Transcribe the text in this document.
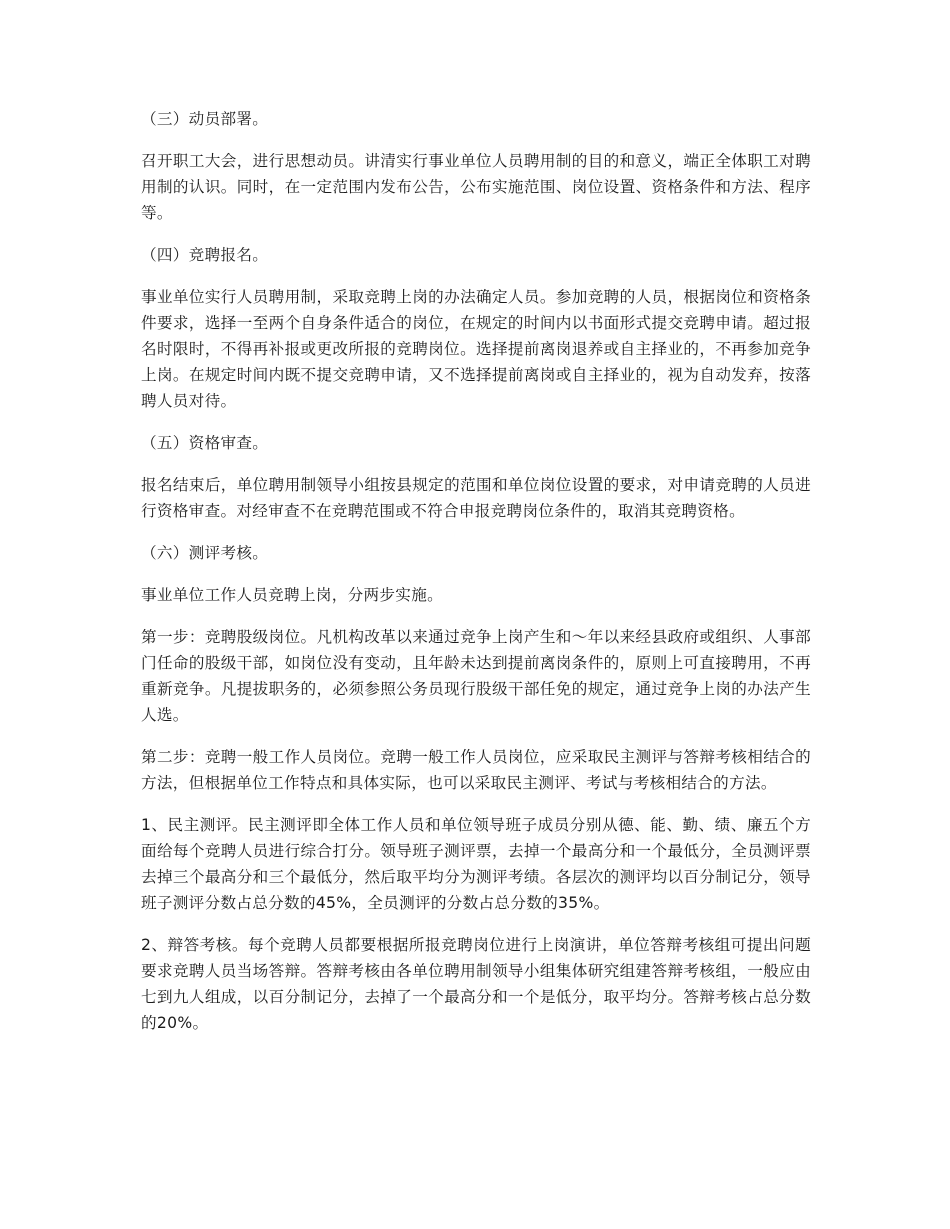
（三）动员部署。

召开职工大会，进行思想动员。讲清实行事业单位人员聘用制的目的和意义，端正全体职工对聘用制的认识。同时，在一定范围内发布公告，公布实施范围、岗位设置、资格条件和方法、程序等。

（四）竞聘报名。

事业单位实行人员聘用制，采取竞聘上岗的办法确定人员。参加竞聘的人员，根据岗位和资格条件要求，选择一至两个自身条件适合的岗位，在规定的时间内以书面形式提交竞聘申请。超过报名时限时，不得再补报或更改所报的竞聘岗位。选择提前离岗退养或自主择业的，不再参加竞争上岗。在规定时间内既不提交竞聘申请，又不选择提前离岗或自主择业的，视为自动发弃，按落聘人员对待。

（五）资格审查。

报名结束后，单位聘用制领导小组按县规定的范围和单位岗位设置的要求，对申请竞聘的人员进行资格审查。对经审查不在竞聘范围或不符合申报竞聘岗位条件的，取消其竞聘资格。

（六）测评考核。

事业单位工作人员竞聘上岗，分两步实施。

第一步：竞聘股级岗位。凡机构改革以来通过竞争上岗产生和～年以来经县政府或组织、人事部门任命的股级干部，如岗位没有变动，且年龄未达到提前离岗条件的，原则上可直接聘用，不再重新竞争。凡提拔职务的，必须参照公务员现行股级干部任免的规定，通过竞争上岗的办法产生人选。

第二步：竞聘一般工作人员岗位。竞聘一般工作人员岗位，应采取民主测评与答辩考核相结合的方法，但根据单位工作特点和具体实际，也可以采取民主测评、考试与考核相结合的方法。

1、民主测评。民主测评即全体工作人员和单位领导班子成员分别从德、能、勤、绩、廉五个方面给每个竞聘人员进行综合打分。领导班子测评票，去掉一个最高分和一个最低分，全员测评票去掉三个最高分和三个最低分，然后取平均分为测评考绩。各层次的测评均以百分制记分，领导班子测评分数占总分数的45%，全员测评的分数占总分数的35%。

2、辩答考核。每个竞聘人员都要根据所报竞聘岗位进行上岗演讲，单位答辩考核组可提出问题要求竞聘人员当场答辩。答辩考核由各单位聘用制领导小组集体研究组建答辩考核组，一般应由七到九人组成，以百分制记分，去掉了一个最高分和一个是低分，取平均分。答辩考核占总分数的20%。
